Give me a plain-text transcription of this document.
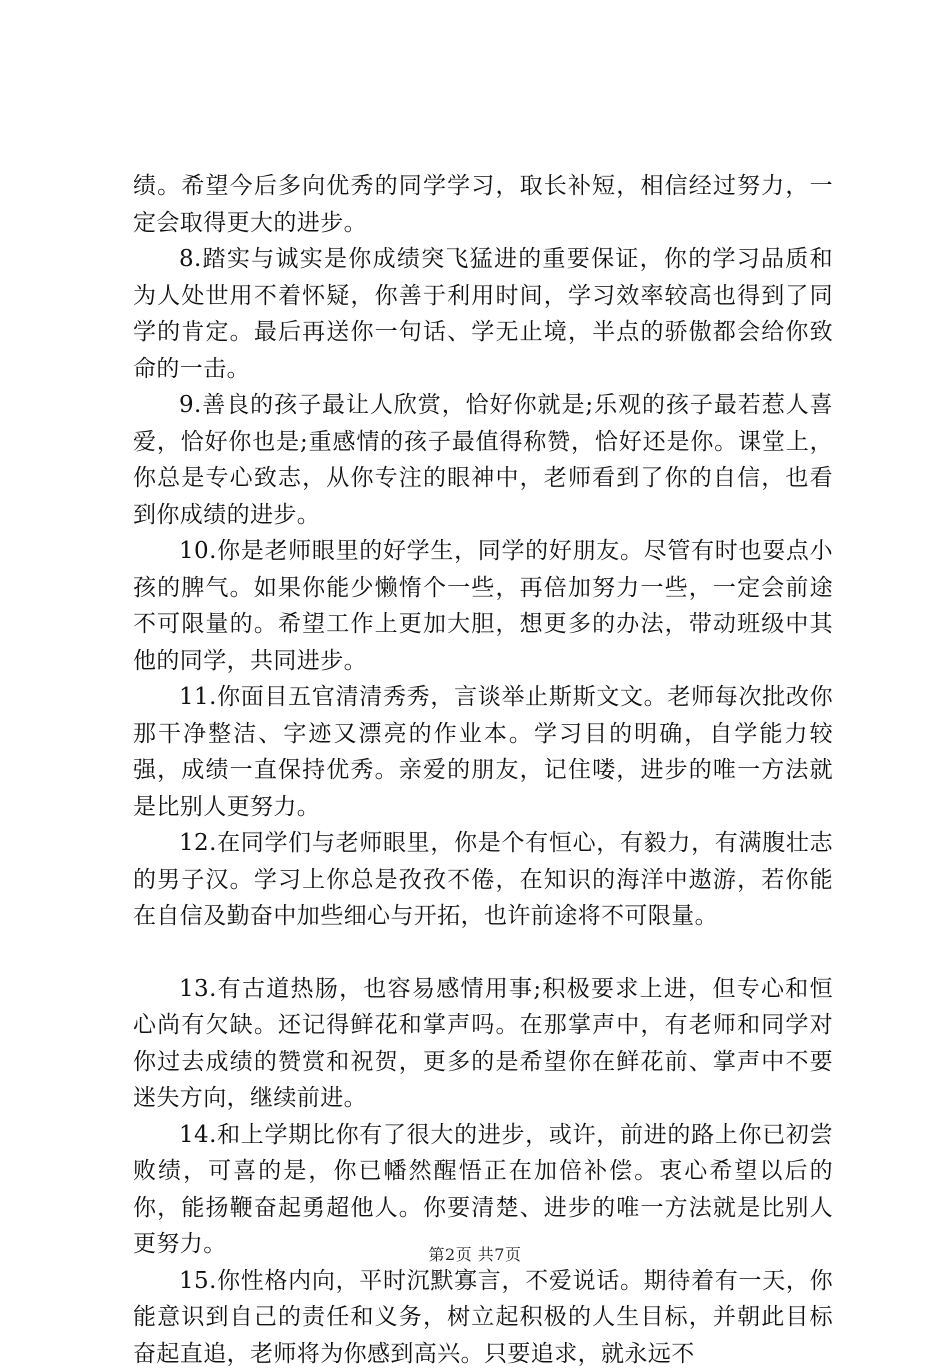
绩。希望今后多向优秀的同学学习，取长补短，相信经过努力，一定会取得更大的进步。

8.踏实与诚实是你成绩突飞猛进的重要保证，你的学习品质和为人处世用不着怀疑，你善于利用时间，学习效率较高也得到了同学的肯定。最后再送你一句话、学无止境，半点的骄傲都会给你致命的一击。

9.善良的孩子最让人欣赏，恰好你就是;乐观的孩子最若惹人喜爱，恰好你也是;重感情的孩子最值得称赞，恰好还是你。课堂上，你总是专心致志，从你专注的眼神中，老师看到了你的自信，也看到你成绩的进步。

10.你是老师眼里的好学生，同学的好朋友。尽管有时也耍点小孩的脾气。如果你能少懒惰个一些，再倍加努力一些，一定会前途不可限量的。希望工作上更加大胆，想更多的办法，带动班级中其他的同学，共同进步。

11.你面目五官清清秀秀，言谈举止斯斯文文。老师每次批改你那干净整洁、字迹又漂亮的作业本。学习目的明确，自学能力较强，成绩一直保持优秀。亲爱的朋友，记住喽，进步的唯一方法就是比别人更努力。

12.在同学们与老师眼里，你是个有恒心，有毅力，有满腹壮志的男子汉。学习上你总是孜孜不倦，在知识的海洋中遨游，若你能在自信及勤奋中加些细心与开拓，也许前途将不可限量。

13.有古道热肠，也容易感情用事;积极要求上进，但专心和恒心尚有欠缺。还记得鲜花和掌声吗。在那掌声中，有老师和同学对你过去成绩的赞赏和祝贺，更多的是希望你在鲜花前、掌声中不要迷失方向，继续前进。

14.和上学期比你有了很大的进步，或许，前进的路上你已初尝败绩，可喜的是，你已幡然醒悟正在加倍补偿。衷心希望以后的你，能扬鞭奋起勇超他人。你要清楚、进步的唯一方法就是比别人更努力。

15.你性格内向，平时沉默寡言，不爱说话。期待着有一天，你能意识到自己的责任和义务，树立起积极的人生目标，并朝此目标奋起直追，老师将为你感到高兴。只要追求，就永远不

第2页 共7页
